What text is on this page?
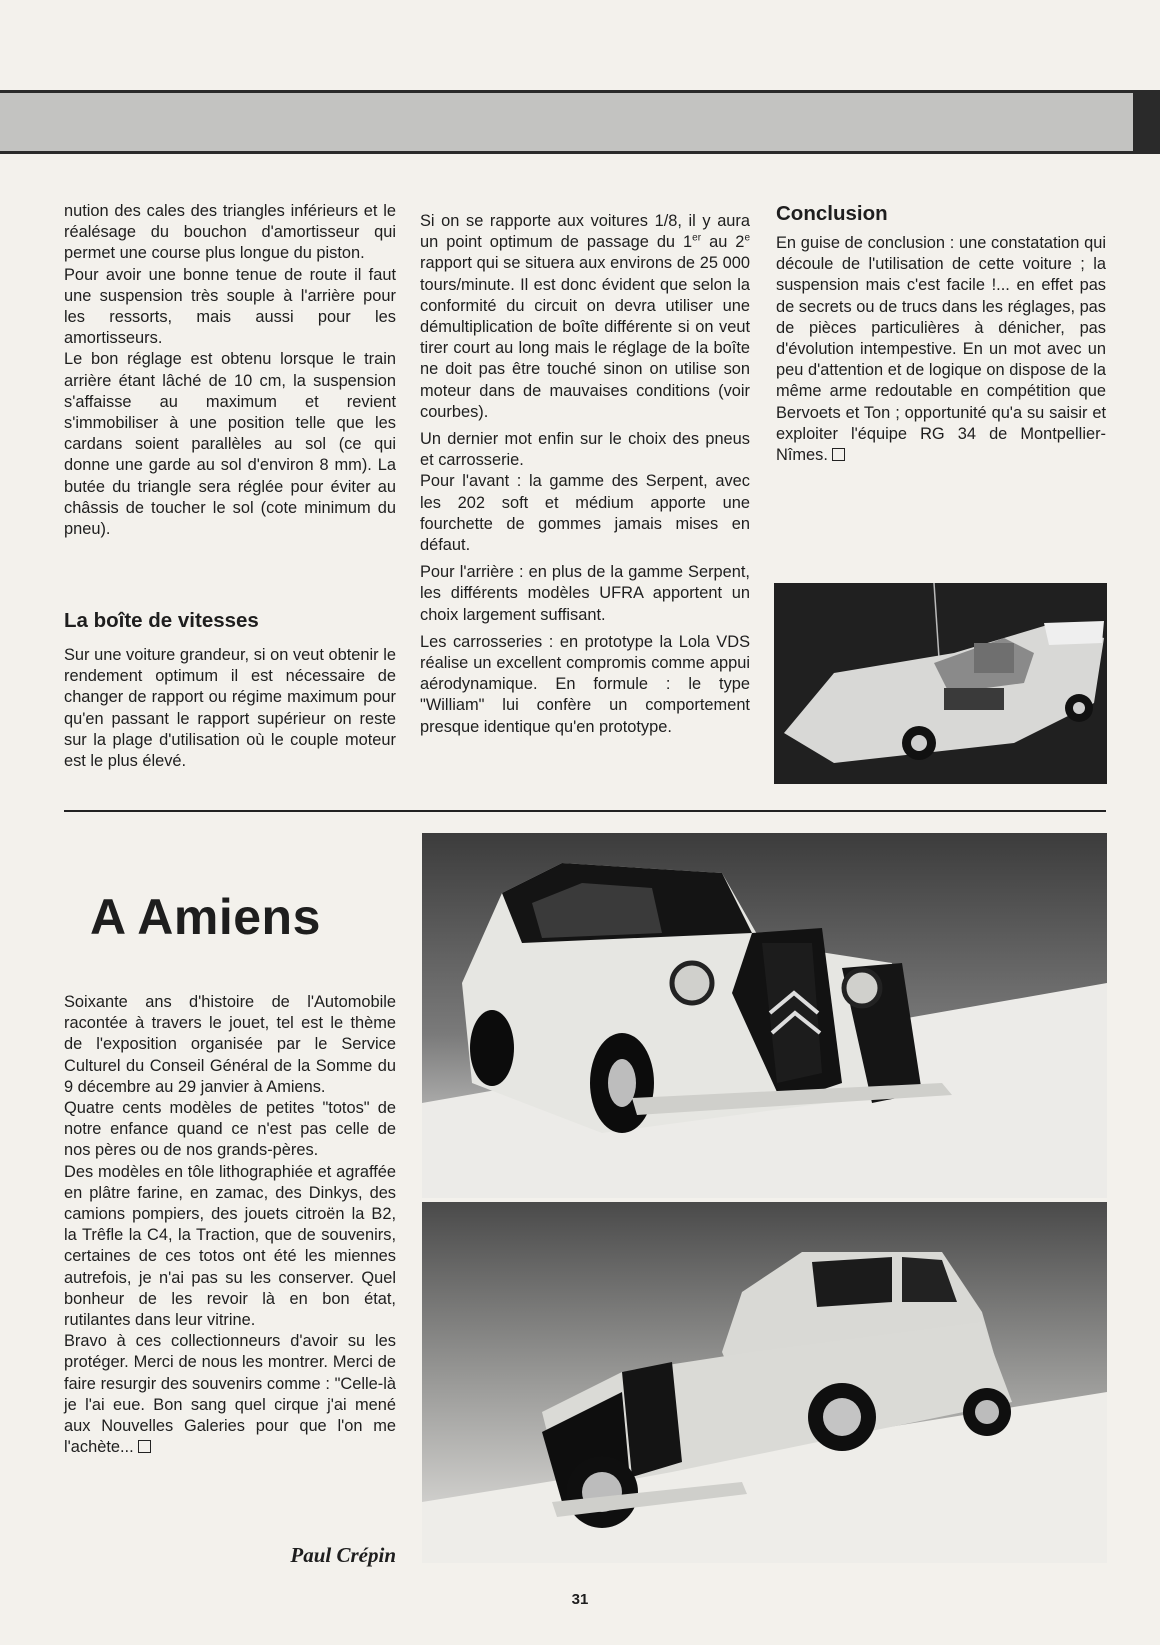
nution des cales des triangles inférieurs et le réalésage du bouchon d'amortisseur qui permet une course plus longue du piston.

Pour avoir une bonne tenue de route il faut une suspension très souple à l'arrière pour les ressorts, mais aussi pour les amortisseurs.

Le bon réglage est obtenu lorsque le train arrière étant lâché de 10 cm, la suspension s'affaisse au maximum et revient s'immobiliser à une position telle que les cardans soient parallèles au sol (ce qui donne une garde au sol d'environ 8 mm). La butée du triangle sera réglée pour éviter au châssis de toucher le sol (cote minimum du pneu).

La boîte de vitesses

Sur une voiture grandeur, si on veut obtenir le rendement optimum il est nécessaire de changer de rapport ou régime maximum pour qu'en passant le rapport supérieur on reste sur la plage d'utilisation où le couple moteur est le plus élevé.

Si on se rapporte aux voitures 1/8, il y aura un point optimum de passage du 1er au 2e rapport qui se situera aux environs de 25 000 tours/minute. Il est donc évident que selon la conformité du circuit on devra utiliser une démultiplication de boîte différente si on veut tirer court au long mais le réglage de la boîte ne doit pas être touché sinon on utilise son moteur dans de mauvaises conditions (voir courbes).

Un dernier mot enfin sur le choix des pneus et carrosserie.

Pour l'avant : la gamme des Serpent, avec les 202 soft et médium apporte une fourchette de gommes jamais mises en défaut.

Pour l'arrière : en plus de la gamme Serpent, les différents modèles UFRA apportent un choix largement suffisant.

Les carrosseries : en prototype la Lola VDS réalise un excellent compromis comme appui aérodynamique. En formule : le type "William" lui confère un comportement presque identique qu'en prototype.

Conclusion

En guise de conclusion : une constatation qui découle de l'utilisation de cette voiture ; la suspension mais c'est facile !... en effet pas de secrets ou de trucs dans les réglages, pas de pièces particulières à dénicher, pas d'évolution intempestive. En un mot avec un peu d'attention et de logique on dispose de la même arme redoutable en compétition que Bervoets et Ton ; opportunité qu'a su saisir et exploiter l'équipe RG 34 de Montpellier-Nîmes.

A Amiens

Soixante ans d'histoire de l'Automobile racontée à travers le jouet, tel est le thème de l'exposition organisée par le Service Culturel du Conseil Général de la Somme du 9 décembre au 29 janvier à Amiens.

Quatre cents modèles de petites "totos" de notre enfance quand ce n'est pas celle de nos pères ou de nos grands-pères.

Des modèles en tôle lithographiée et agraffée en plâtre farine, en zamac, des Dinkys, des camions pompiers, des jouets citroën la B2, la Trêfle la C4, la Traction, que de souvenirs, certaines de ces totos ont été les miennes autrefois, je n'ai pas su les conserver. Quel bonheur de les revoir là en bon état, rutilantes dans leur vitrine.

Bravo à ces collectionneurs d'avoir su les protéger. Merci de nous les montrer. Merci de faire resurgir des souvenirs comme : "Celle-là je l'ai eue. Bon sang quel cirque j'ai mené aux Nouvelles Galeries pour que l'on me l'achète...

Paul Crépin
31
